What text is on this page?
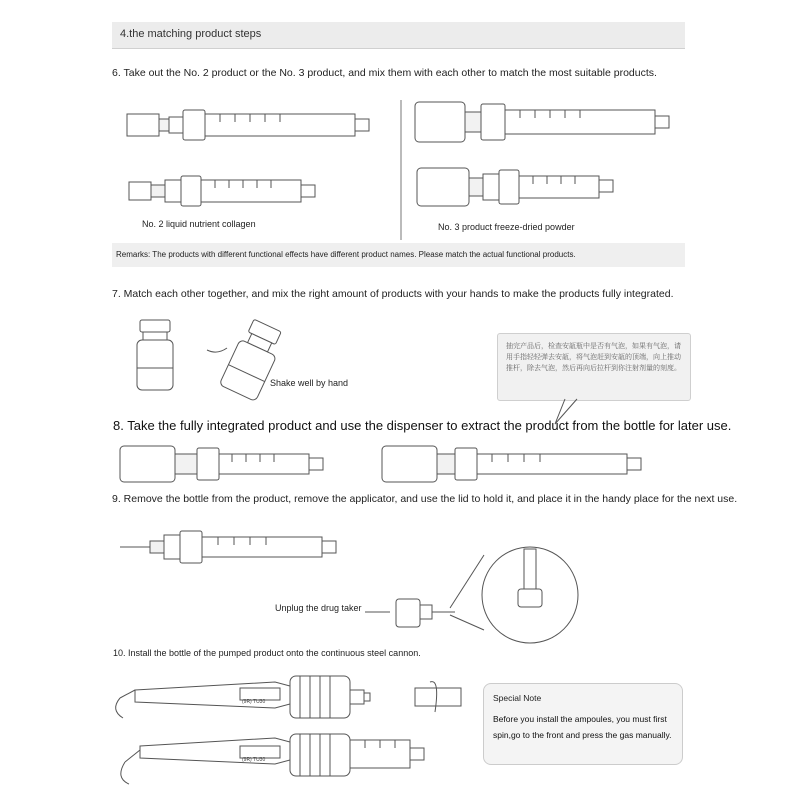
4.the matching product steps
6. Take out the No. 2 product or the No. 3 product, and mix them with each other to match the most suitable products.
No. 2 liquid nutrient collagen	No. 3 product freeze-dried powder
Remarks: The products with different functional effects have different product names. Please match the actual functional products.
7. Match each other together, and mix the right amount of products with your hands to make the products fully integrated.
Shake well by hand
抽完产品后，检查安瓿瓶中是否有气泡，如果有气泡，请用手指轻轻弹去安瓿，将气泡赶到安瓿的顶端，向上推动推杆，除去气泡，然后再向后拉杆到你注射剂量的刻度。
8. Take the fully integrated product and use the dispenser to extract the product from the bottle for later use.
9. Remove the bottle from the product, remove the applicator, and use the lid to hold it, and place it in the handy place for the next use.
Unplug the drug taker
10. Install the bottle of the pumped product onto the continuous steel cannon.
(9R) TU30
(9R) TU30
Special Note
Before you install the ampoules, you must first spin,go to the front and press the gas manually.
